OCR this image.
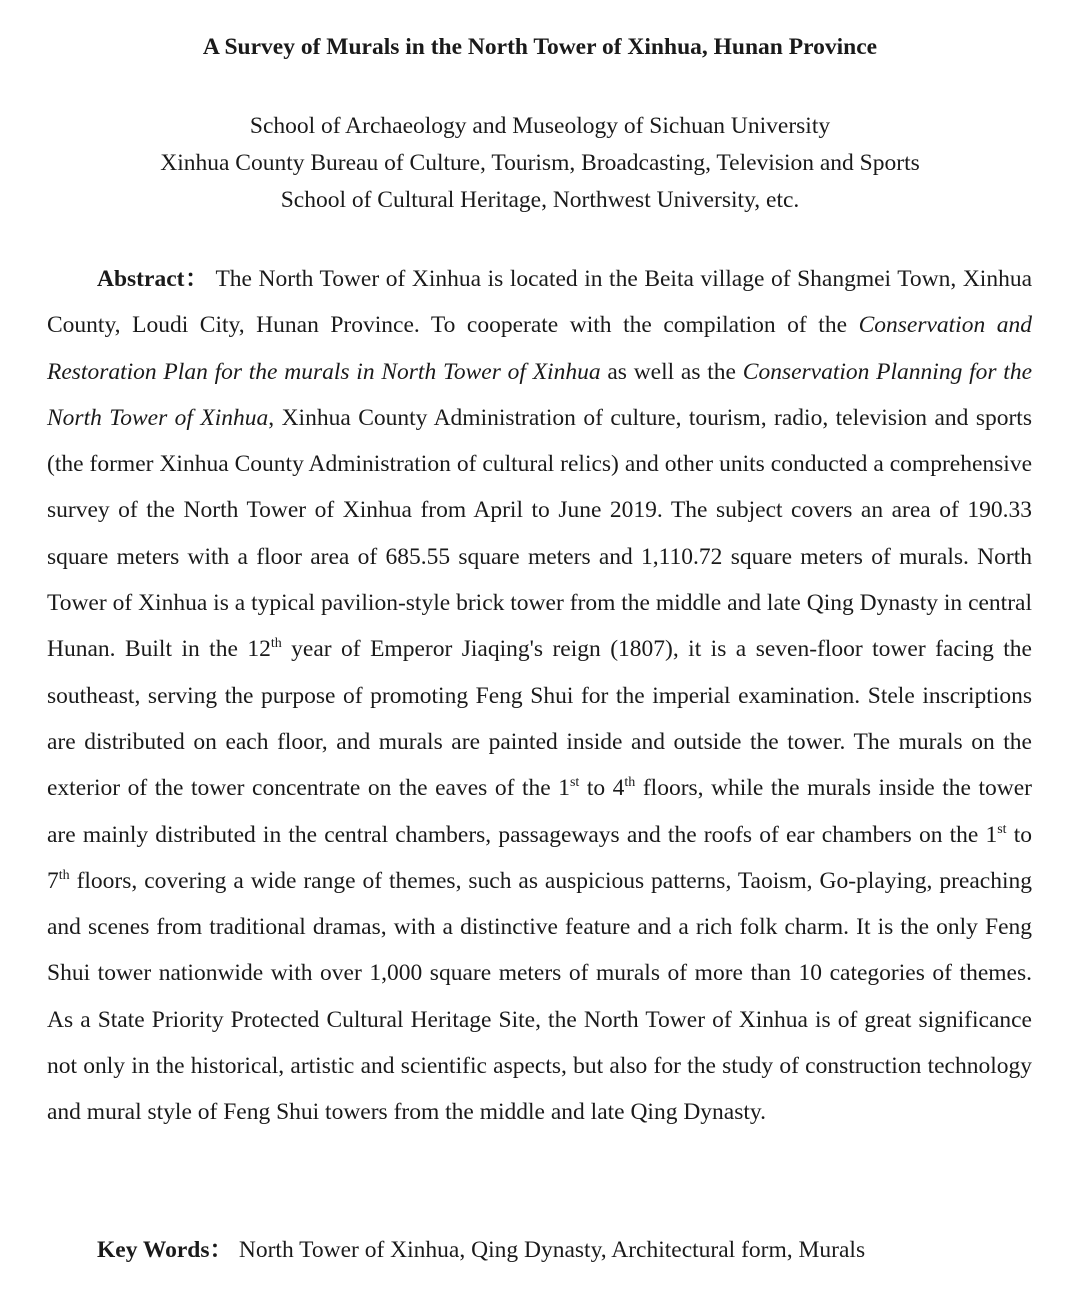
A Survey of Murals in the North Tower of Xinhua, Hunan Province
School of Archaeology and Museology of Sichuan University
Xinhua County Bureau of Culture, Tourism, Broadcasting, Television and Sports
School of Cultural Heritage, Northwest University, etc.

Abstract： The North Tower of Xinhua is located in the Beita village of Shangmei Town, Xinhua County, Loudi City, Hunan Province. To cooperate with the compilation of the Conservation and Restoration Plan for the murals in North Tower of Xinhua as well as the Conservation Planning for the North Tower of Xinhua, Xinhua County Administration of culture, tourism, radio, television and sports (the former Xinhua County Administration of cultural relics) and other units conducted a comprehensive survey of the North Tower of Xinhua from April to June 2019. The subject covers an area of 190.33 square meters with a floor area of 685.55 square meters and 1,110.72 square meters of murals. North Tower of Xinhua is a typical pavilion-style brick tower from the middle and late Qing Dynasty in central Hunan. Built in the 12th year of Emperor Jiaqing's reign (1807), it is a seven-floor tower facing the southeast, serving the purpose of promoting Feng Shui for the imperial examination. Stele inscriptions are distributed on each floor, and murals are painted inside and outside the tower. The murals on the exterior of the tower concentrate on the eaves of the 1st to 4th floors, while the murals inside the tower are mainly distributed in the central chambers, passageways and the roofs of ear chambers on the 1st to 7th floors, covering a wide range of themes, such as auspicious patterns, Taoism, Go-playing, preaching and scenes from traditional dramas, with a distinctive feature and a rich folk charm. It is the only Feng Shui tower nationwide with over 1,000 square meters of murals of more than 10 categories of themes. As a State Priority Protected Cultural Heritage Site, the North Tower of Xinhua is of great significance not only in the historical, artistic and scientific aspects, but also for the study of construction technology and mural style of Feng Shui towers from the middle and late Qing Dynasty.

Key Words： North Tower of Xinhua, Qing Dynasty, Architectural form, Murals
